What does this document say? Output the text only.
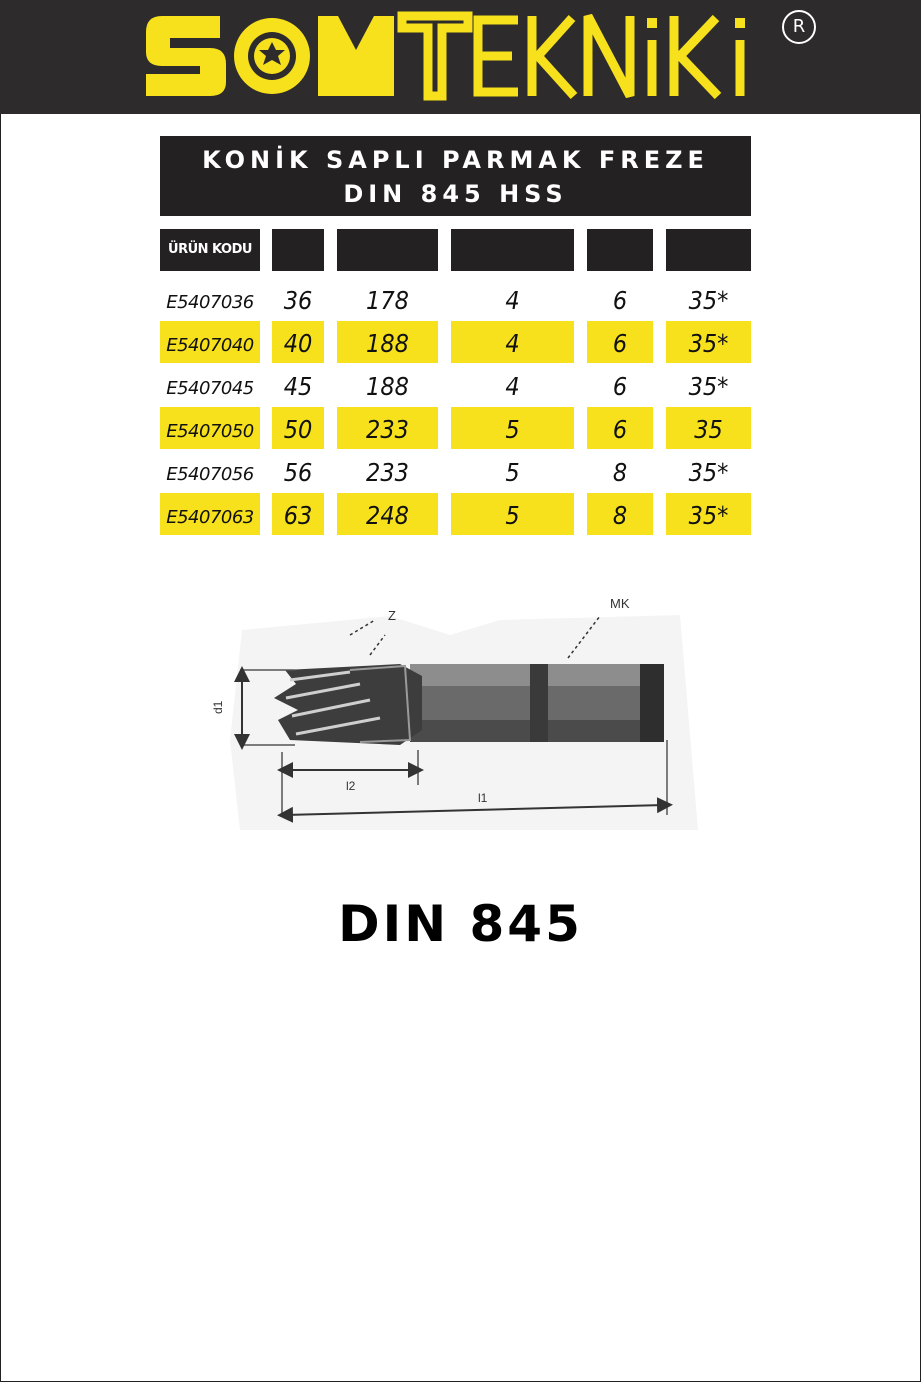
R
KONİK SAPLI PARMAK FREZE
DIN 845 HSS
ÜRÜN KODU
E5407036	36	178	4	6	35*
E5407040	40	188	4	6	35*
E5407045	45	188	4	6	35*
E5407050	50	233	5	6	35
E5407056	56	233	5	8	35*
E5407063	63	248	5	8	35*
Z
MK
d1
l2
l1
DIN 845
